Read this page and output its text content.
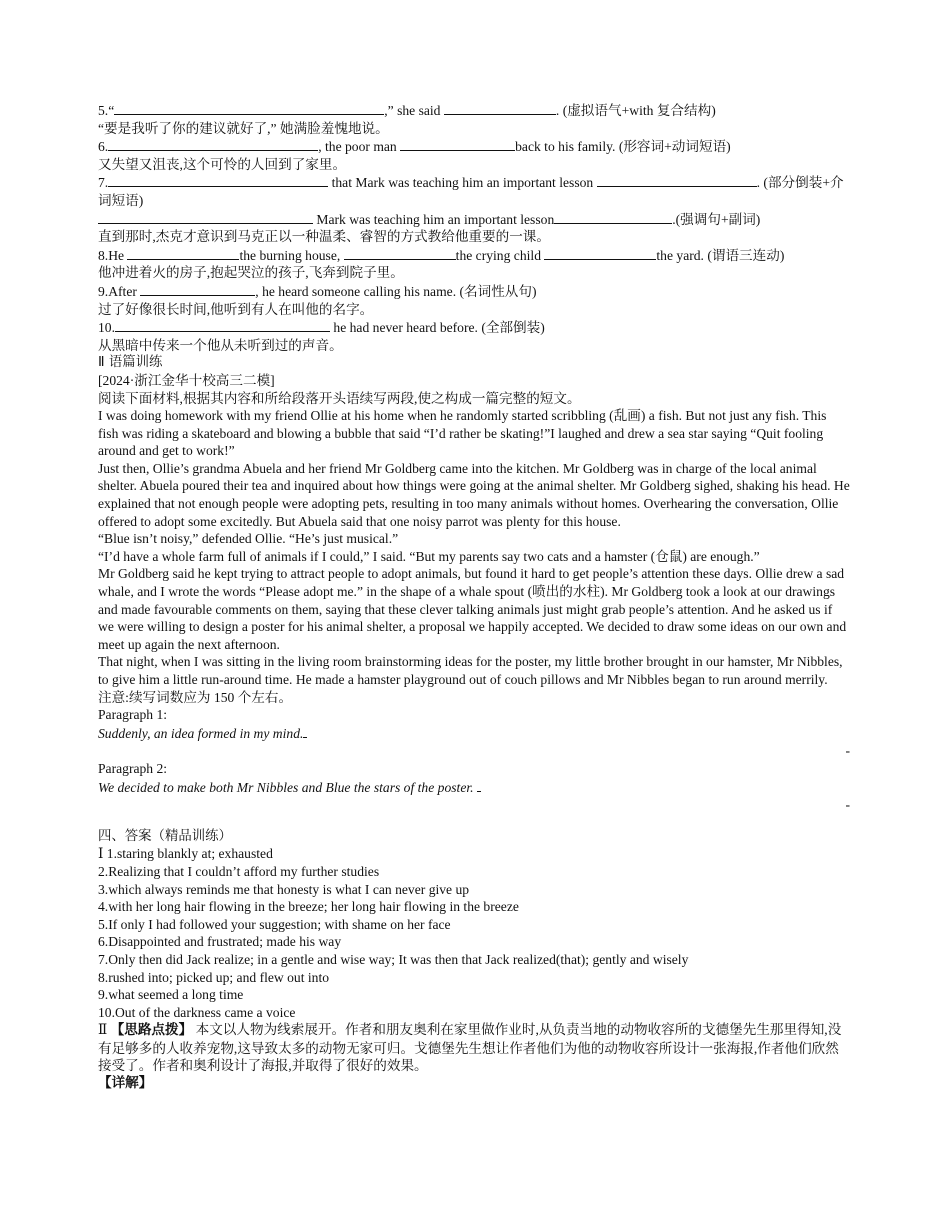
5.“	,” she said	. (虚拟语气+with 复合结构)

“要是我听了你的建议就好了,” 她满脸羞愧地说。

6.	, the poor man	back to his family. (形容词+动词短语)

又失望又沮丧,这个可怜的人回到了家里。

7.	that Mark was teaching him an important lesson	. (部分倒装+介词短语)

Mark was teaching him an important lesson	.(强调句+副词)

直到那时,杰克才意识到马克正以一种温柔、睿智的方式教给他重要的一课。

8.He	the burning house,	the crying child	the yard. (谓语三连动)

他冲进着火的房子,抱起哭泣的孩子,飞奔到院子里。

9.After	, he heard someone calling his name. (名词性从句)

过了好像很长时间,他听到有人在叫他的名字。

10.	he had never heard before. (全部倒装)

从黑暗中传来一个他从未听到过的声音。

Ⅱ 语篇训练

[2024·浙江金华十校高三二模]

阅读下面材料,根据其内容和所给段落开头语续写两段,使之构成一篇完整的短文。

I was doing homework with my friend Ollie at his home when he randomly started scribbling (乱画) a fish. But not just any fish. This fish was riding a skateboard and blowing a bubble that said “I’d rather be skating!”I laughed and drew a sea star saying “Quit fooling around and get to work!”

Just then, Ollie’s grandma Abuela and her friend Mr Goldberg came into the kitchen. Mr Goldberg was in charge of the local animal shelter. Abuela poured their tea and inquired about how things were going at the animal shelter. Mr Goldberg sighed, shaking his head. He explained that not enough people were adopting pets, resulting in too many animals without homes. Overhearing the conversation, Ollie offered to adopt some excitedly. But Abuela said that one noisy parrot was plenty for this house.

“Blue isn’t noisy,” defended Ollie. “He’s just musical.”

“I’d have a whole farm full of animals if I could,” I said. “But my parents say two cats and a hamster (仓鼠) are enough.”

Mr Goldberg said he kept trying to attract people to adopt animals, but found it hard to get people’s attention these days. Ollie drew a sad whale, and I wrote the words “Please adopt me.” in the shape of a whale spout (喷出的水柱). Mr Goldberg took a look at our drawings and made favourable comments on them, saying that these clever talking animals just might grab people’s attention. And he asked us if we were willing to design a poster for his animal shelter, a proposal we happily accepted. We decided to draw some ideas on our own and meet up again the next afternoon.

That night, when I was sitting in the living room brainstorming ideas for the poster, my little brother brought in our hamster, Mr Nibbles, to give him a little run-around time. He made a hamster playground out of couch pillows and Mr Nibbles began to run around merrily.

注意:续写词数应为 150 个左右。

Paragraph 1:

Suddenly, an idea formed in my mind.

-

Paragraph 2:

We decided to make both Mr Nibbles and Blue the stars of the poster.

-

四、答案（精品训练）

Ⅰ 1.staring blankly at; exhausted

2.Realizing that I couldn’t afford my further studies

3.which always reminds me that honesty is what I can never give up

4.with her long hair flowing in the breeze; her long hair flowing in the breeze

5.If only I had followed your suggestion; with shame on her face

6.Disappointed and frustrated; made his way

7.Only then did Jack realize; in a gentle and wise way; It was then that Jack realized(that); gently and wisely

8.rushed into; picked up; and flew out into

9.what seemed a long time

10.Out of the darkness came a voice

Ⅱ 【思路点拨】 本文以人物为线索展开。作者和朋友奥利在家里做作业时,从负责当地的动物收容所的戈德堡先生那里得知,没有足够多的人收养宠物,这导致太多的动物无家可归。戈德堡先生想让作者他们为他的动物收容所设计一张海报,作者他们欣然接受了。作者和奥利设计了海报,并取得了很好的效果。

【详解】
